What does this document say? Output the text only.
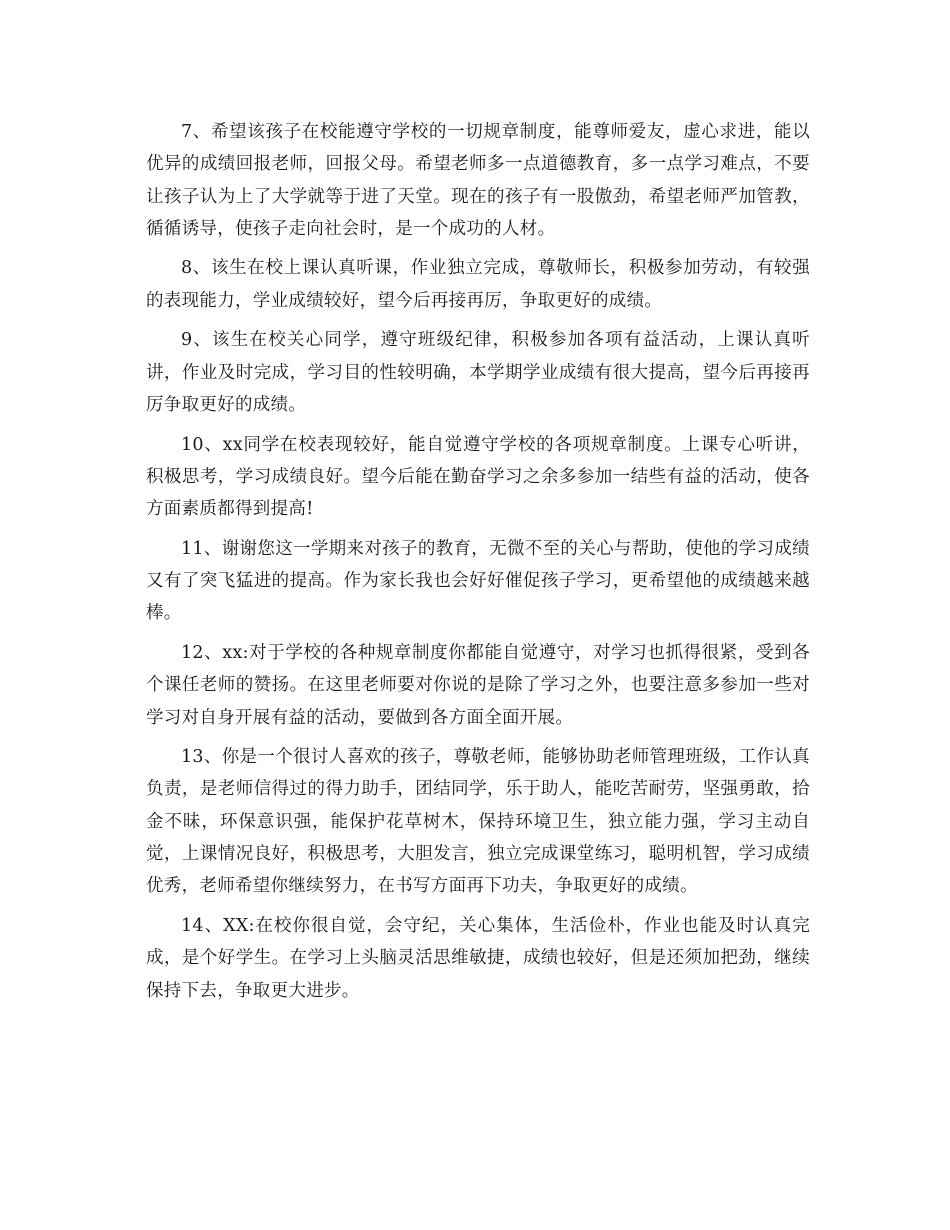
7、希望该孩子在校能遵守学校的一切规章制度，能尊师爱友，虚心求进，能以优异的成绩回报老师，回报父母。希望老师多一点道德教育，多一点学习难点，不要让孩子认为上了大学就等于进了天堂。现在的孩子有一股傲劲，希望老师严加管教，循循诱导，使孩子走向社会时，是一个成功的人材。

8、该生在校上课认真听课，作业独立完成，尊敬师长，积极参加劳动，有较强的表现能力，学业成绩较好，望今后再接再厉，争取更好的成绩。

9、该生在校关心同学，遵守班级纪律，积极参加各项有益活动，上课认真听讲，作业及时完成，学习目的性较明确，本学期学业成绩有很大提高，望今后再接再厉争取更好的成绩。

10、xx同学在校表现较好，能自觉遵守学校的各项规章制度。上课专心听讲，积极思考，学习成绩良好。望今后能在勤奋学习之余多参加一结些有益的活动，使各方面素质都得到提高!

11、谢谢您这一学期来对孩子的教育，无微不至的关心与帮助，使他的学习成绩又有了突飞猛进的提高。作为家长我也会好好催促孩子学习，更希望他的成绩越来越棒。

12、xx:对于学校的各种规章制度你都能自觉遵守，对学习也抓得很紧，受到各个课任老师的赞扬。在这里老师要对你说的是除了学习之外，也要注意多参加一些对学习对自身开展有益的活动，要做到各方面全面开展。

13、你是一个很讨人喜欢的孩子，尊敬老师，能够协助老师管理班级，工作认真负责，是老师信得过的得力助手，团结同学，乐于助人，能吃苦耐劳，坚强勇敢，拾金不昧，环保意识强，能保护花草树木，保持环境卫生，独立能力强，学习主动自觉，上课情况良好，积极思考，大胆发言，独立完成课堂练习，聪明机智，学习成绩优秀，老师希望你继续努力，在书写方面再下功夫，争取更好的成绩。

14、XX:在校你很自觉，会守纪，关心集体，生活俭朴，作业也能及时认真完成，是个好学生。在学习上头脑灵活思维敏捷，成绩也较好，但是还须加把劲，继续保持下去，争取更大进步。
